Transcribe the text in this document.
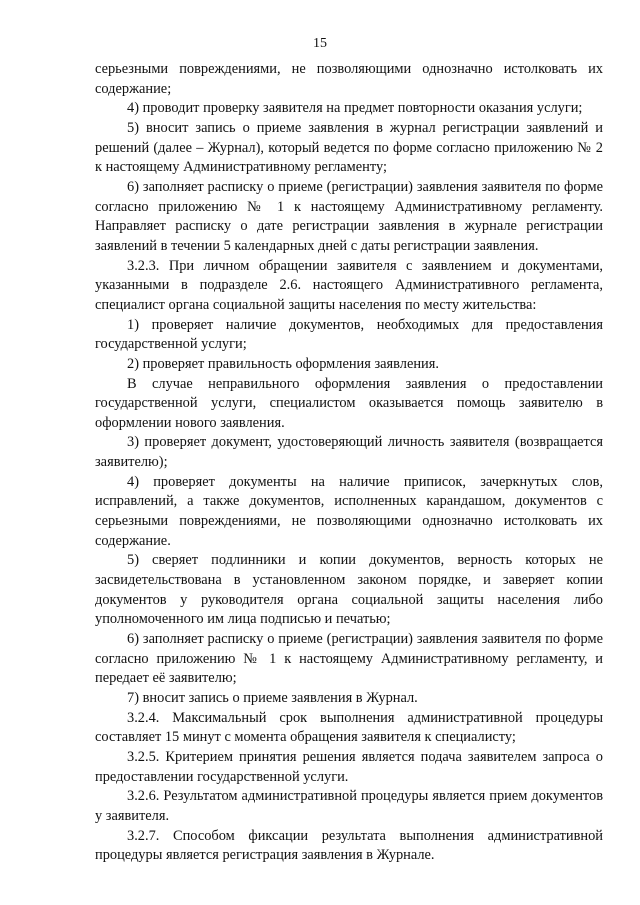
15

серьезными повреждениями, не позволяющими однозначно истолковать их содержание;

4) проводит проверку заявителя на предмет повторности оказания услуги;

5) вносит запись о приеме заявления в журнал регистрации заявлений и решений (далее – Журнал), который ведется по форме согласно приложению № 2 к настоящему Административному регламенту;

6) заполняет расписку о приеме (регистрации) заявления заявителя по форме согласно приложению № 1 к настоящему Административному регламенту. Направляет расписку о дате регистрации заявления в журнале регистрации заявлений в течении 5 календарных дней с даты регистрации заявления.

3.2.3. При личном обращении заявителя с заявлением и документами, указанными в подразделе 2.6. настоящего Административного регламента, специалист органа социальной защиты населения по месту жительства:

1) проверяет наличие документов, необходимых для предоставления государственной услуги;

2) проверяет правильность оформления заявления.

В случае неправильного оформления заявления о предоставлении государственной услуги, специалистом оказывается помощь заявителю в оформлении нового заявления.

3) проверяет документ, удостоверяющий личность заявителя (возвращается заявителю);

4) проверяет документы на наличие приписок, зачеркнутых слов, исправлений, а также документов, исполненных карандашом, документов с серьезными повреждениями, не позволяющими однозначно истолковать их содержание.

5) сверяет подлинники и копии документов, верность которых не засвидетельствована в установленном законом порядке, и заверяет копии документов у руководителя органа социальной защиты населения либо уполномоченного им лица подписью и печатью;

6) заполняет расписку о приеме (регистрации) заявления заявителя по форме согласно приложению № 1 к настоящему Административному регламенту, и передает её заявителю;

7) вносит запись о приеме заявления в Журнал.

3.2.4. Максимальный срок выполнения административной процедуры составляет 15 минут с момента обращения заявителя к специалисту;

3.2.5. Критерием принятия решения является подача заявителем запроса о предоставлении государственной услуги.

3.2.6. Результатом административной процедуры является прием документов у заявителя.

3.2.7. Способом фиксации результата выполнения административной процедуры является регистрация заявления в Журнале.
